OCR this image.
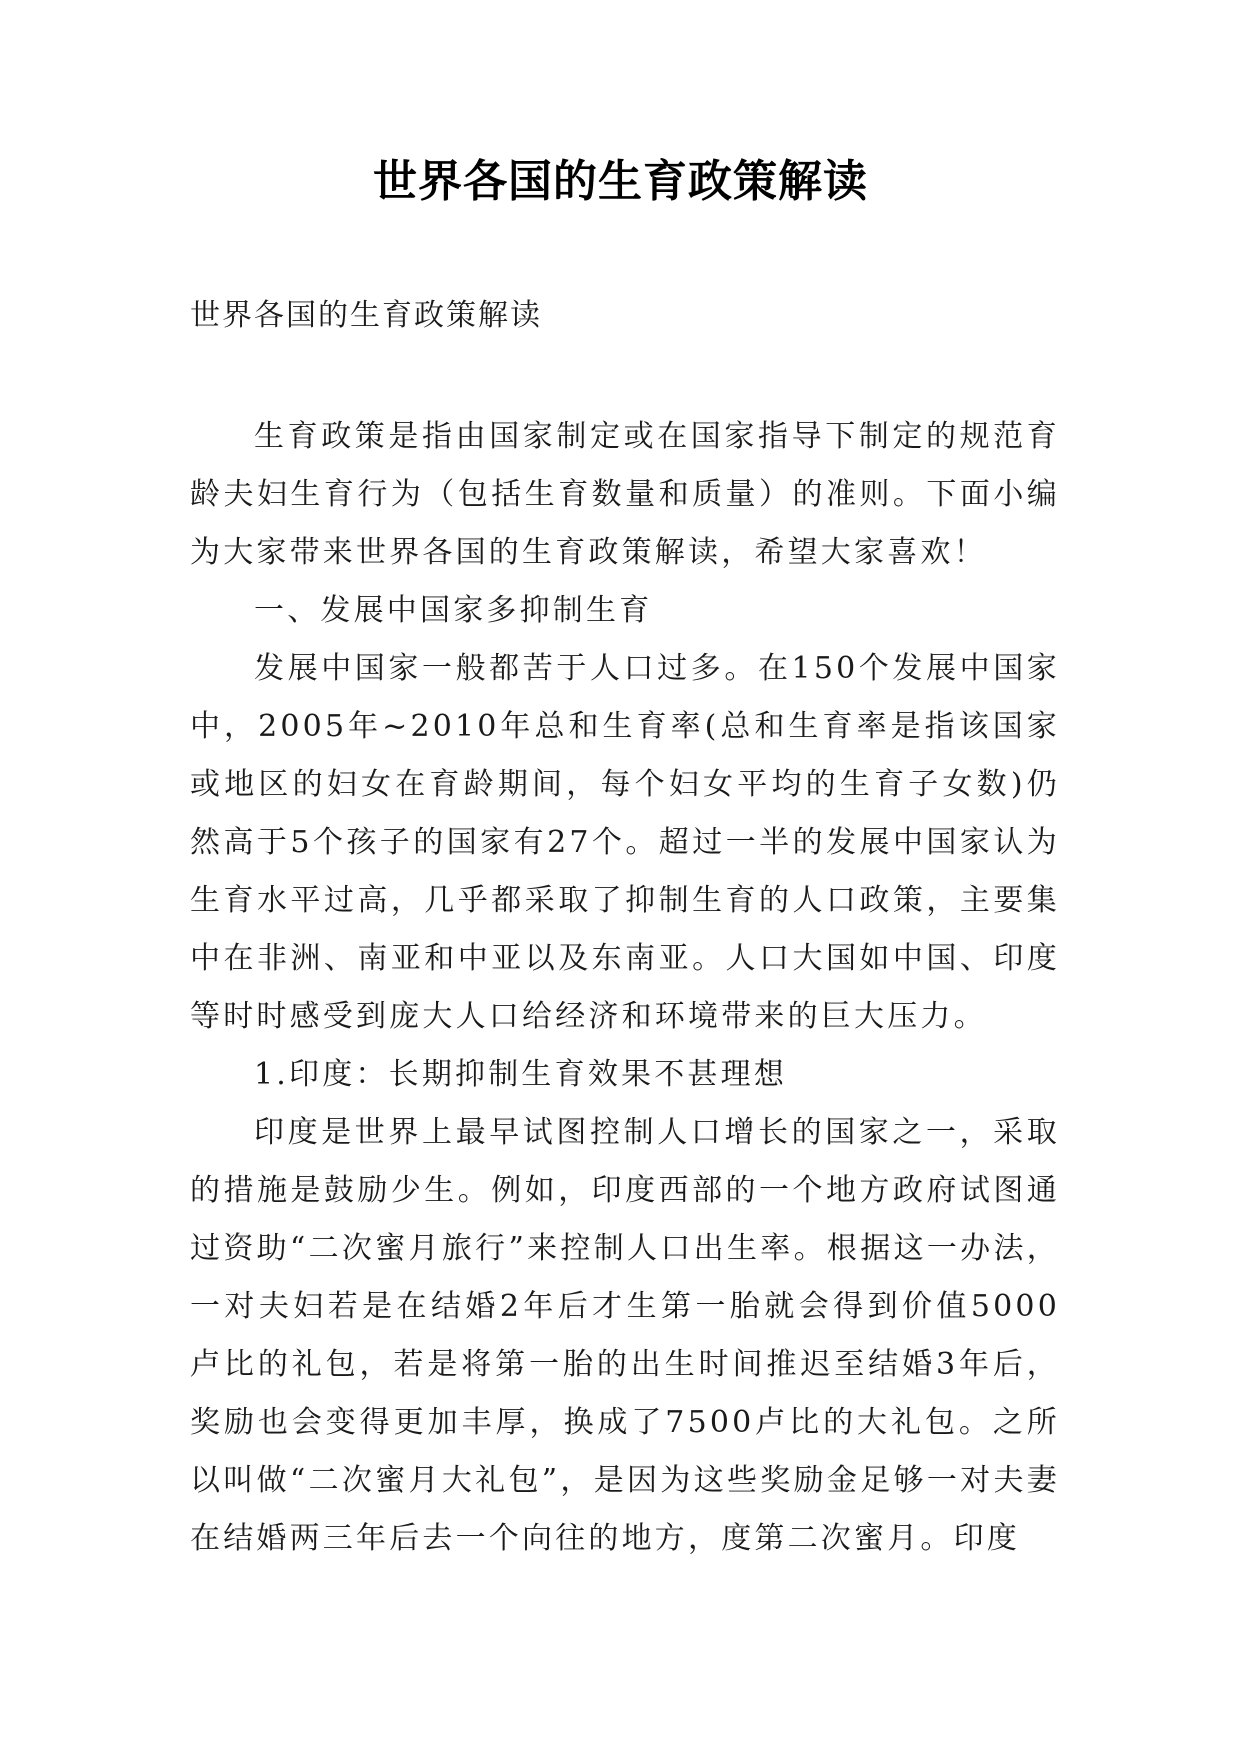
世界各国的生育政策解读
世界各国的生育政策解读

生育政策是指由国家制定或在国家指导下制定的规范育龄夫妇生育行为（包括生育数量和质量）的准则。下面小编为大家带来世界各国的生育政策解读，希望大家喜欢！

一、发展中国家多抑制生育

发展中国家一般都苦于人口过多。在150个发展中国家中，2005年~2010年总和生育率(总和生育率是指该国家或地区的妇女在育龄期间，每个妇女平均的生育子女数)仍然高于5个孩子的国家有27个。超过一半的发展中国家认为生育水平过高，几乎都采取了抑制生育的人口政策，主要集中在非洲、南亚和中亚以及东南亚。人口大国如中国、印度等时时感受到庞大人口给经济和环境带来的巨大压力。

1.印度：长期抑制生育效果不甚理想

印度是世界上最早试图控制人口增长的国家之一，采取的措施是鼓励少生。例如，印度西部的一个地方政府试图通过资助“二次蜜月旅行”来控制人口出生率。根据这一办法，一对夫妇若是在结婚2年后才生第一胎就会得到价值5000卢比的礼包，若是将第一胎的出生时间推迟至结婚3年后，奖励也会变得更加丰厚，换成了7500卢比的大礼包。之所以叫做“二次蜜月大礼包”，是因为这些奖励金足够一对夫妻在结婚两三年后去一个向往的地方，度第二次蜜月。印度
